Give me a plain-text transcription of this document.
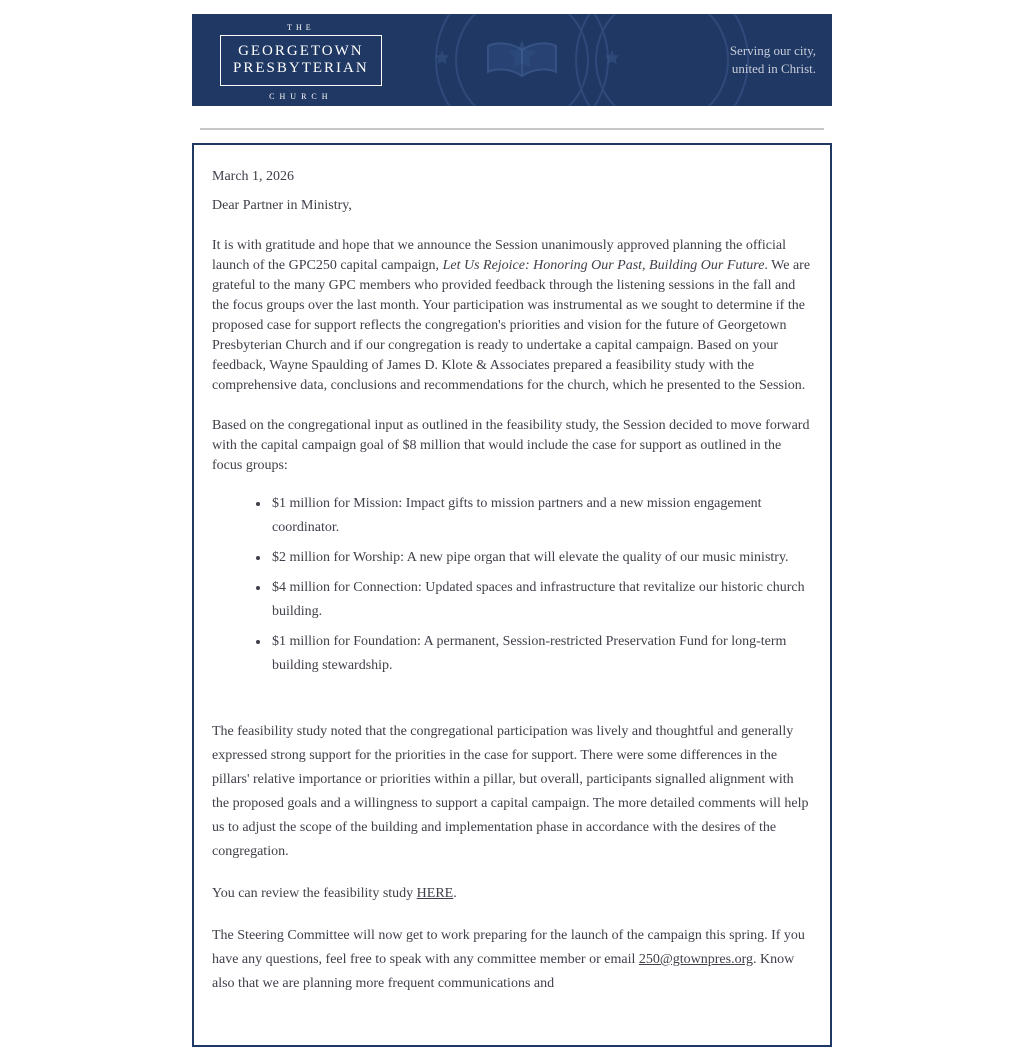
THE
GEORGETOWN
PRESBYTERIAN
CHURCH
Serving our city,
united in Christ.

March 1, 2026

Dear Partner in Ministry,

It is with gratitude and hope that we announce the Session unanimously approved planning the official launch of the GPC250 capital campaign, Let Us Rejoice: Honoring Our Past, Building Our Future. We are grateful to the many GPC members who provided feedback through the listening sessions in the fall and the focus groups over the last month. Your participation was instrumental as we sought to determine if the proposed case for support reflects the congregation's priorities and vision for the future of Georgetown Presbyterian Church and if our congregation is ready to undertake a capital campaign. Based on your feedback, Wayne Spaulding of James D. Klote & Associates prepared a feasibility study with the comprehensive data, conclusions and recommendations for the church, which he presented to the Session.

Based on the congregational input as outlined in the feasibility study, the Session decided to move forward with the capital campaign goal of $8 million that would include the case for support as outlined in the focus groups:

• $1 million for Mission: Impact gifts to mission partners and a new mission engagement coordinator.
• $2 million for Worship: A new pipe organ that will elevate the quality of our music ministry.
• $4 million for Connection: Updated spaces and infrastructure that revitalize our historic church building.
• $1 million for Foundation: A permanent, Session-restricted Preservation Fund for long-term building stewardship.

The feasibility study noted that the congregational participation was lively and thoughtful and generally expressed strong support for the priorities in the case for support. There were some differences in the pillars' relative importance or priorities within a pillar, but overall, participants signalled alignment with the proposed goals and a willingness to support a capital campaign. The more detailed comments will help us to adjust the scope of the building and implementation phase in accordance with the desires of the congregation.

You can review the feasibility study HERE.

The Steering Committee will now get to work preparing for the launch of the campaign this spring. If you have any questions, feel free to speak with any committee member or email 250@gtownpres.org. Know also that we are planning more frequent communications and
